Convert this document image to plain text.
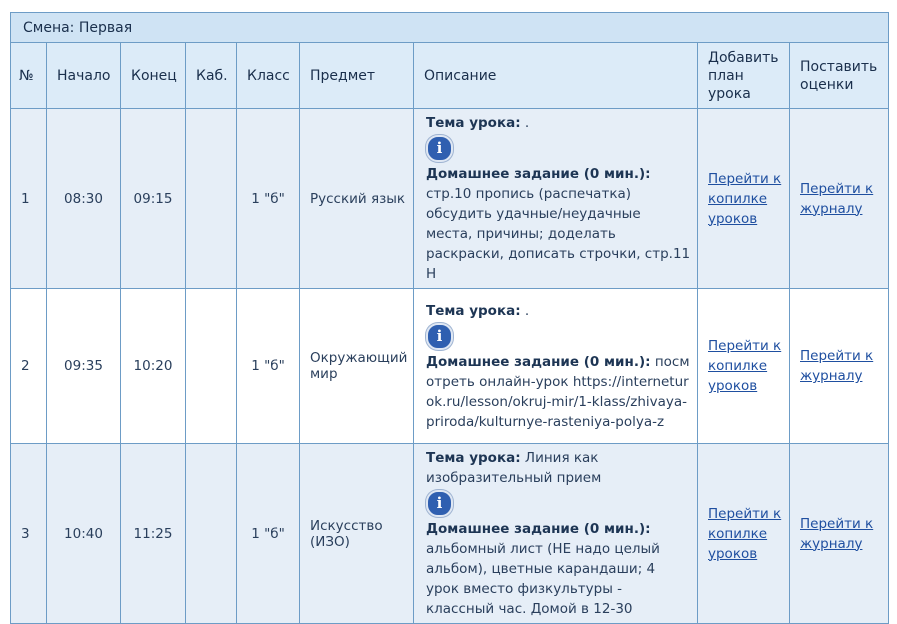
Смена: Первая								
№	Начало	Конец	Каб.	Класс	Предмет	Описание	Добавить план урока	Поставить оценки
1	08:30	09:15		1 "б"	Русский язык	Тема урока: .
i
Домашнее задание (0 мин.): стр.10 пропись (распечатка) обсудить удачные/неудачные места, причины; доделать раскраски, дописать строчки, стр.11 Н	Перейти к копилке уроков	Перейти к журналу
2	09:35	10:20		1 "б"	Окружающий мир	Тема урока: .
i
Домашнее задание (0 мин.): посмотреть онлайн-урок https://interneturok.ru/lesson/okruj-mir/1-klass/zhivaya-priroda/kulturnye-rasteniya-polya-z	Перейти к копилке уроков	Перейти к журналу
3	10:40	11:25		1 "б"	Искусство (ИЗО)	Тема урока: Линия как изобразительный прием
i
Домашнее задание (0 мин.): альбомный лист (НЕ надо целый альбом), цветные карандаши; 4 урок вместо физкультуры - классный час. Домой в 12-30	Перейти к копилке уроков	Перейти к журналу
